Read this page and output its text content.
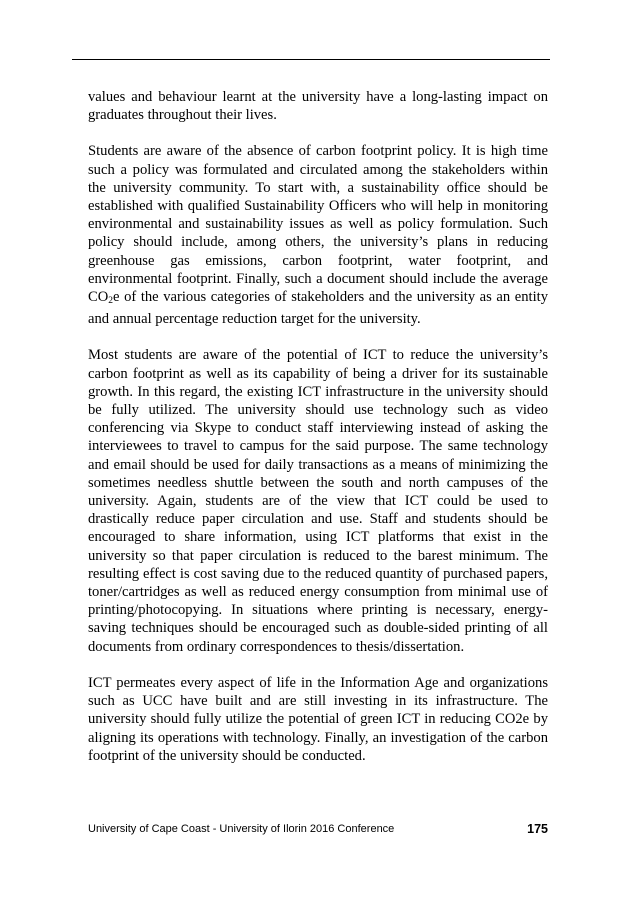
values and behaviour learnt at the university have a long-lasting impact on graduates throughout their lives.

Students are aware of the absence of carbon footprint policy. It is high time such a policy was formulated and circulated among the stakeholders within the university community. To start with, a sustainability office should be established with qualified Sustainability Officers who will help in monitoring environmental and sustainability issues as well as policy formulation. Such policy should include, among others, the university’s plans in reducing greenhouse gas emissions, carbon footprint, water footprint, and environmental footprint. Finally, such a document should include the average $CO_2e$ of the various categories of stakeholders and the university as an entity and annual percentage reduction target for the university.

Most students are aware of the potential of ICT to reduce the university’s carbon footprint as well as its capability of being a driver for its sustainable growth. In this regard, the existing ICT infrastructure in the university should be fully utilized. The university should use technology such as video conferencing via Skype to conduct staff interviewing instead of asking the interviewees to travel to campus for the said purpose. The same technology and email should be used for daily transactions as a means of minimizing the sometimes needless shuttle between the south and north campuses of the university. Again, students are of the view that ICT could be used to drastically reduce paper circulation and use. Staff and students should be encouraged to share information, using ICT platforms that exist in the university so that paper circulation is reduced to the barest minimum. The resulting effect is cost saving due to the reduced quantity of purchased papers, toner/cartridges as well as reduced energy consumption from minimal use of printing/photocopying. In situations where printing is necessary, energy-saving techniques should be encouraged such as double-sided printing of all documents from ordinary correspondences to thesis/dissertation.

ICT permeates every aspect of life in the Information Age and organizations such as UCC have built and are still investing in its infrastructure. The university should fully utilize the potential of green ICT in reducing CO2e by aligning its operations with technology. Finally, an investigation of the carbon footprint of the university should be conducted.

University of Cape Coast - University of Ilorin 2016 Conference	175
